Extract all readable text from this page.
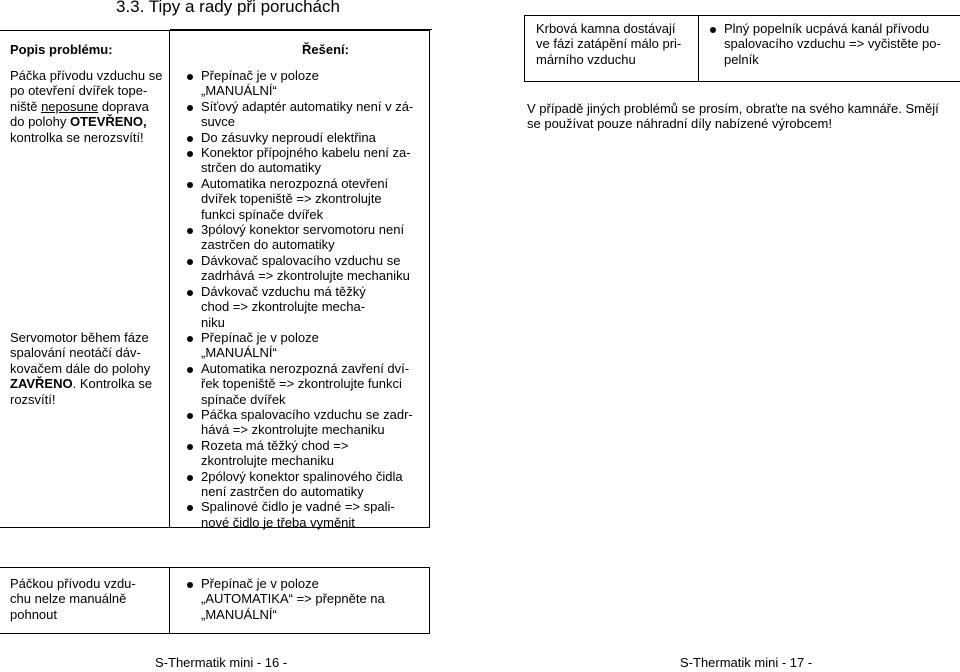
3.3. Tipy a rady při poruchách
Popis problému:	Řešení:
Páčka přívodu vzduchu se
po otevření dvířek tope-
niště neposune doprava
do polohy OTEVŘENO,
kontrolka se nerozsvítí!
Servomotor během fáze
spalování neotáčí dáv-
kovačem dále do polohy
ZAVŘENO. Kontrolka se
rozsvítí!
Přepínač je v poloze
„MANUÁLNÍ“
Síťový adaptér automatiky není v zá-
suvce
Do zásuvky neproudí elektřina
Konektor přípojného kabelu není za-
strčen do automatiky
Automatika nerozpozná otevření
dvířek topeniště => zkontrolujte
funkci spínače dvířek
3pólový konektor servomotoru není
zastrčen do automatiky
Dávkovač spalovacího vzduchu se
zadrhává => zkontrolujte mechaniku
Dávkovač vzduchu má těžký
chod => zkontrolujte mecha-
niku
Přepínač je v poloze
„MANUÁLNÍ“
Automatika nerozpozná zavření dví-
řek topeniště => zkontrolujte funkci
spínače dvířek
Páčka spalovacího vzduchu se zadr-
hává => zkontrolujte mechaniku
Rozeta má těžký chod =>
zkontrolujte mechaniku
2pólový konektor spalinového čidla
není zastrčen do automatiky
Spalinové čidlo je vadné => spali-
nové čidlo je třeba vyměnit
Páčkou přívodu vzdu-
chu nelze manuálně
pohnout
Přepínač je v poloze
„AUTOMATIKA“ => přepněte na
„MANUÁLNÍ“
S-Thermatik mini - 16 -
Krbová kamna dostávají
ve fázi zatápění málo pri-
márního vzduchu
Plný popelník ucpává kanál přívodu
spalovacího vzduchu => vyčistěte po-
pelník
V případě jiných problémů se prosím, obraťte na svého kamnáře. Smějí
se používat pouze náhradní díly nabízené výrobcem!
S-Thermatik mini - 17 -
